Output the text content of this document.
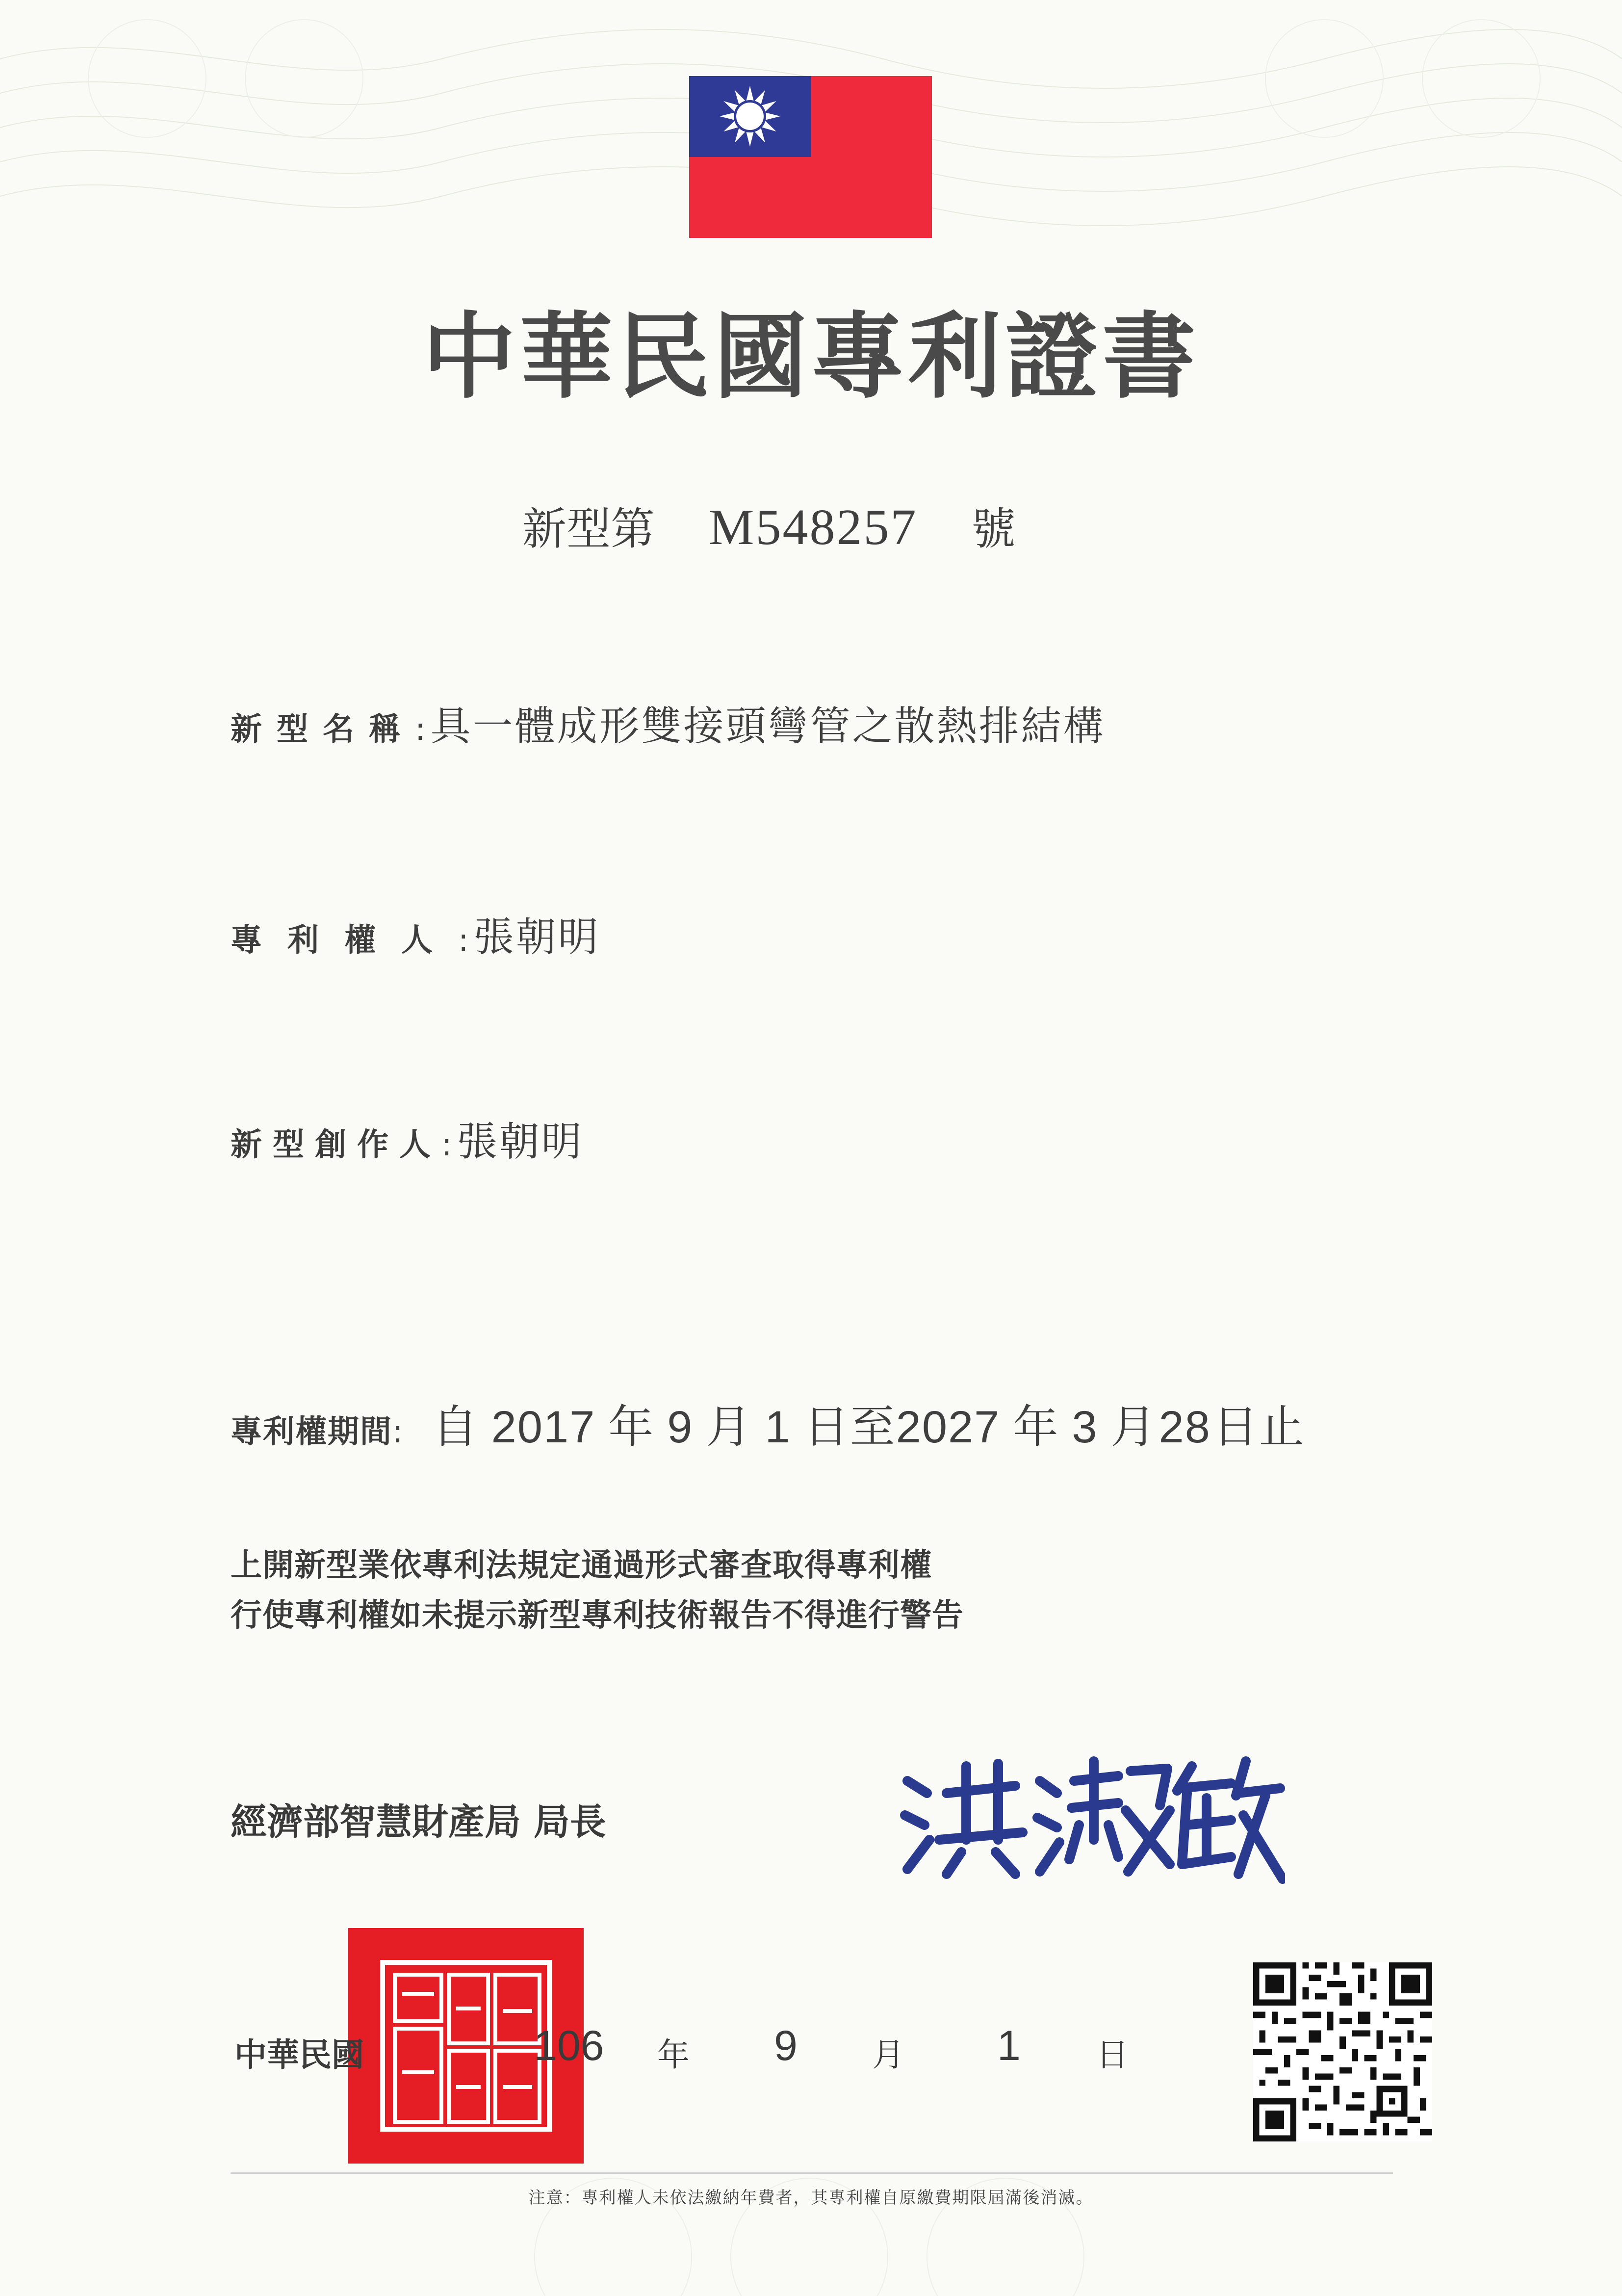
中華民國專利證書
新型第 M548257 號
新型名稱: 具一體成形雙接頭彎管之散熱排結構
專利權人: 張朝明
新型創作人: 張朝明
專利權期間: 自 2017 年 9 月 1 日至2027 年 3 月28日止
上開新型業依專利法規定通過形式審查取得專利權
行使專利權如未提示新型專利技術報告不得進行警告
經濟部智慧財產局 局長
中華民國	106 年 9 月 1 日
注意：專利權人未依法繳納年費者，其專利權自原繳費期限屆滿後消滅。
